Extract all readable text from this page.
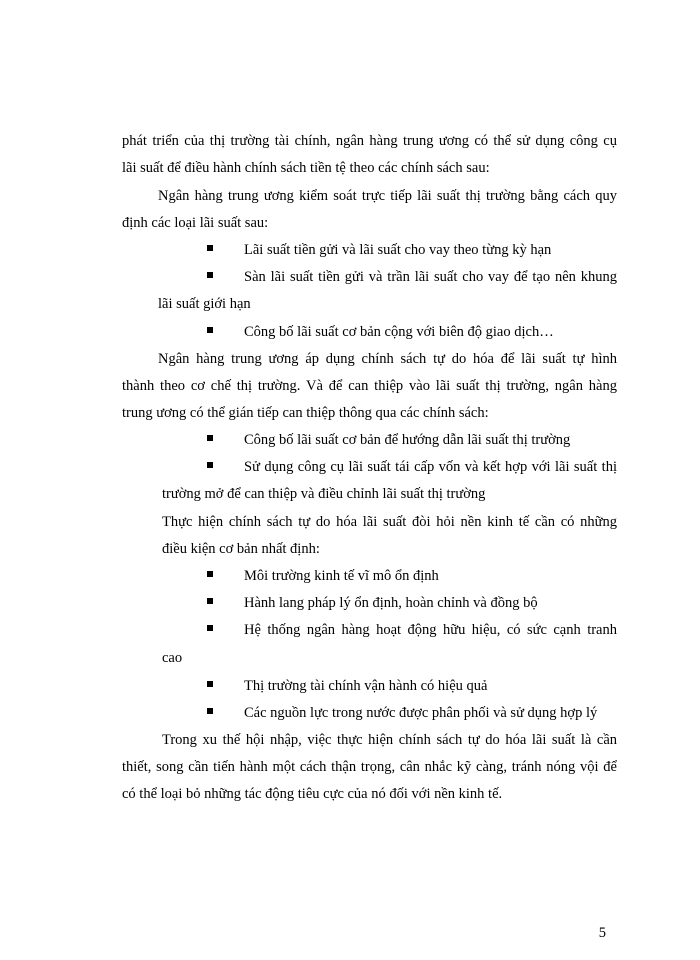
phát triển của thị trường tài chính, ngân hàng trung ương có thể sử dụng công cụ
lãi suất để điều hành chính sách tiền tệ theo các chính sách sau:
Ngân hàng trung ương kiểm soát trực tiếp lãi suất thị trường bằng cách quy
định các loại lãi suất sau:
Lãi suất tiền gửi và lãi suất cho vay theo từng kỳ hạn
Sàn lãi suất tiền gửi và trần lãi suất cho vay để tạo nên khung
lãi suất giới hạn
Công bố lãi suất cơ bản cộng với biên độ giao dịch…
Ngân hàng trung ương áp dụng chính sách tự do hóa để lãi suất tự hình
thành theo cơ chế thị trường. Và để can thiệp vào lãi suất thị trường, ngân hàng
trung ương có thể gián tiếp can thiệp thông qua các chính sách:
Công bố lãi suất cơ bản để hướng dẫn lãi suất thị trường
Sử dụng công cụ lãi suất tái cấp vốn và kết hợp với lãi suất thị
trường mở để can thiệp và điều chỉnh lãi suất thị trường
Thực hiện chính sách tự do hóa lãi suất đòi hỏi nền kinh tế cần có những
điều kiện cơ bản nhất định:
Môi trường kinh tế vĩ mô ổn định
Hành lang pháp lý ổn định, hoàn chỉnh và đồng bộ
Hệ thống ngân hàng hoạt động hữu hiệu, có sức cạnh tranh
cao
Thị trường tài chính vận hành có hiệu quả
Các nguồn lực trong nước được phân phối và sử dụng hợp lý
Trong xu thế hội nhập, việc thực hiện chính sách tự do hóa lãi suất là cần
thiết, song cần tiến hành một cách thận trọng, cân nhắc kỹ càng, tránh nóng vội để
có thể loại bỏ những tác động tiêu cực của nó đối với nền kinh tế.
5
